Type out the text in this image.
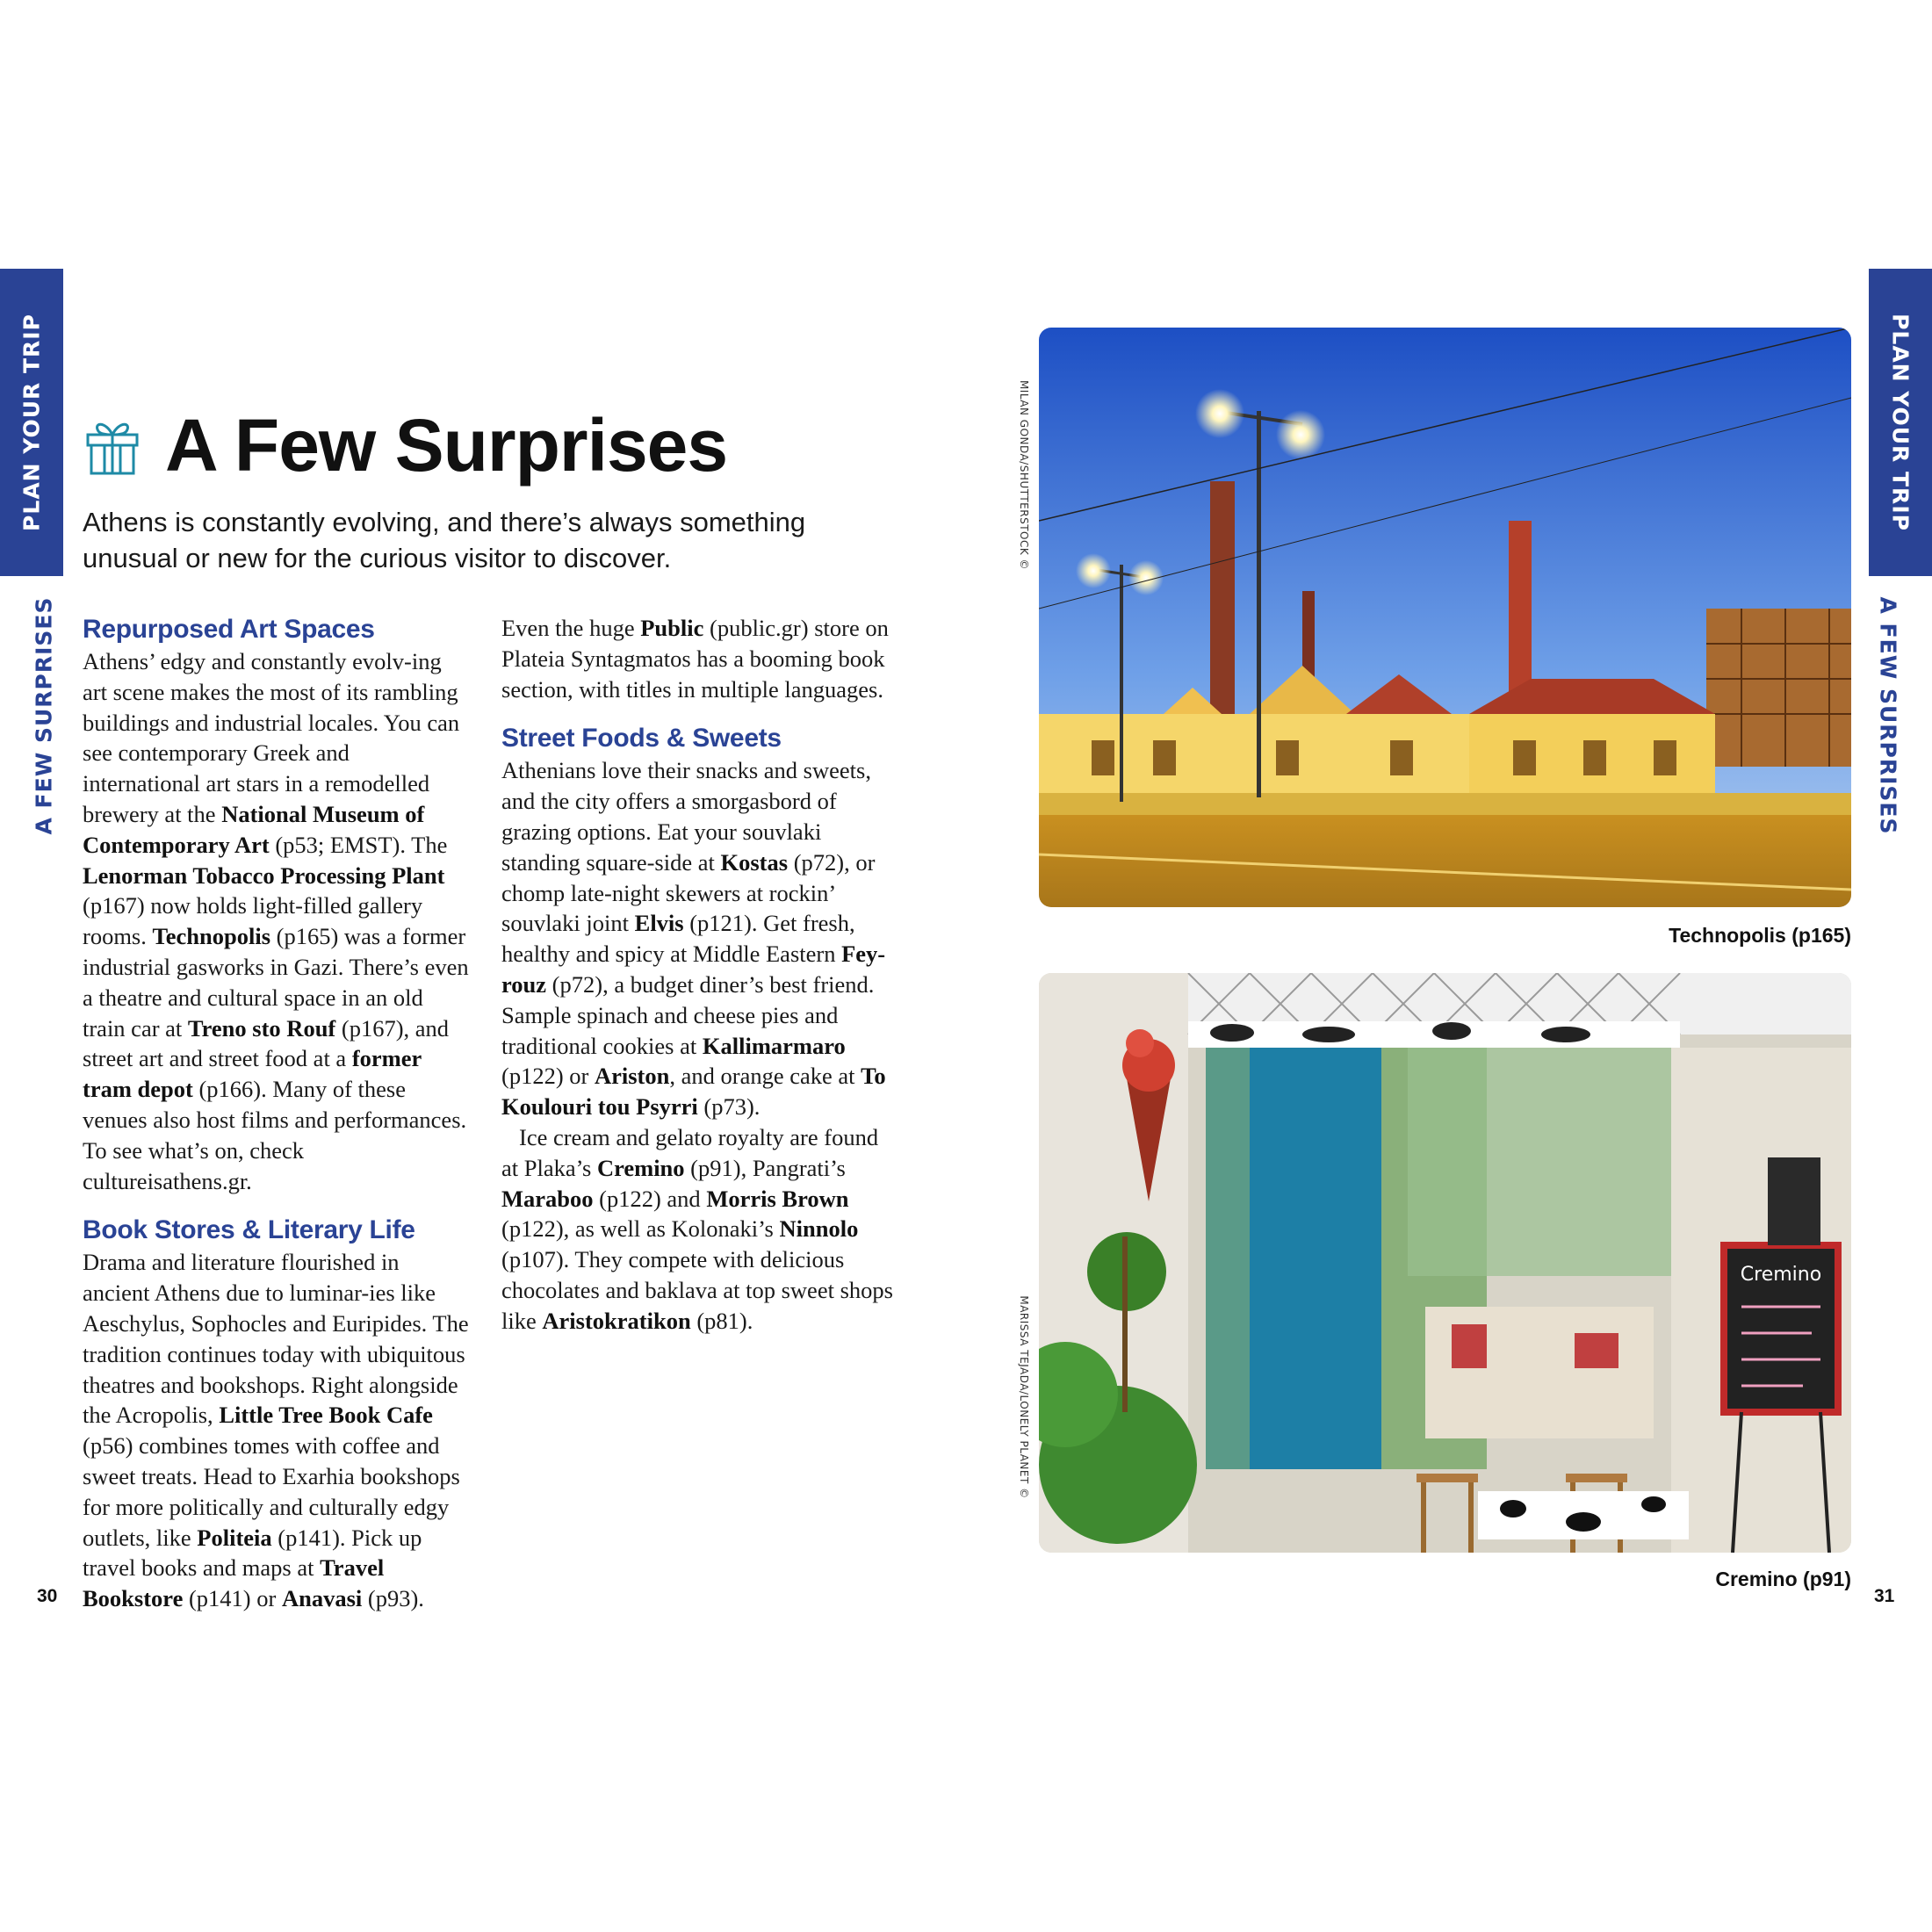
PLAN YOUR TRIP	PLAN YOUR TRIP
A FEW SURPRISES	A FEW SURPRISES
A Few Surprises
Athens is constantly evolving, and there’s always something unusual or new for the curious visitor to discover.
Repurposed Art Spaces

Athens’ edgy and constantly evolv-ing art scene makes the most of its rambling buildings and industrial locales. You can see contemporary Greek and international art stars in a remodelled brewery at the National Museum of Contemporary Art (p53; EMST). The Lenorman Tobacco Processing Plant (p167) now holds light-filled gallery rooms. Technopolis (p165) was a former industrial gasworks in Gazi. There’s even a theatre and cultural space in an old train car at Treno sto Rouf (p167), and street art and street food at a former tram depot (p166). Many of these venues also host films and performances. To see what’s on, check cultureisathens.gr.

Book Stores & Literary Life

Drama and literature flourished in ancient Athens due to luminar-ies like Aeschylus, Sophocles and Euripides. The tradition continues today with ubiquitous theatres and bookshops. Right alongside the Acropolis, Little Tree Book Cafe (p56) combines tomes with coffee and sweet treats. Head to Exarhia bookshops for more politically and culturally edgy outlets, like Politeia (p141). Pick up travel books and maps at Travel Bookstore (p141) or Anavasi (p93).

Even the huge Public (public.gr) store on Plateia Syntagmatos has a booming book section, with titles in multiple languages.

Street Foods & Sweets

Athenians love their snacks and sweets, and the city offers a smorgasbord of grazing options. Eat your souvlaki standing square-side at Kostas (p72), or chomp late-night skewers at rockin’ souvlaki joint Elvis (p121). Get fresh, healthy and spicy at Middle Eastern Fey-rouz (p72), a budget diner’s best friend. Sample spinach and cheese pies and traditional cookies at Kallimarmaro (p122) or Ariston, and orange cake at To Koulouri tou Psyrri (p73).

Ice cream and gelato royalty are found at Plaka’s Cremino (p91), Pangrati’s Maraboo (p122) and Morris Brown (p122), as well as Kolonaki’s Ninnolo (p107). They compete with delicious chocolates and baklava at top sweet shops like Aristokratikon (p81).

MILAN GONDA/SHUTTERSTOCK ©
Technopolis (p165)
Cremino
MARISSA TEJADA/LONELY PLANET ©
Cremino (p91)
30	31
